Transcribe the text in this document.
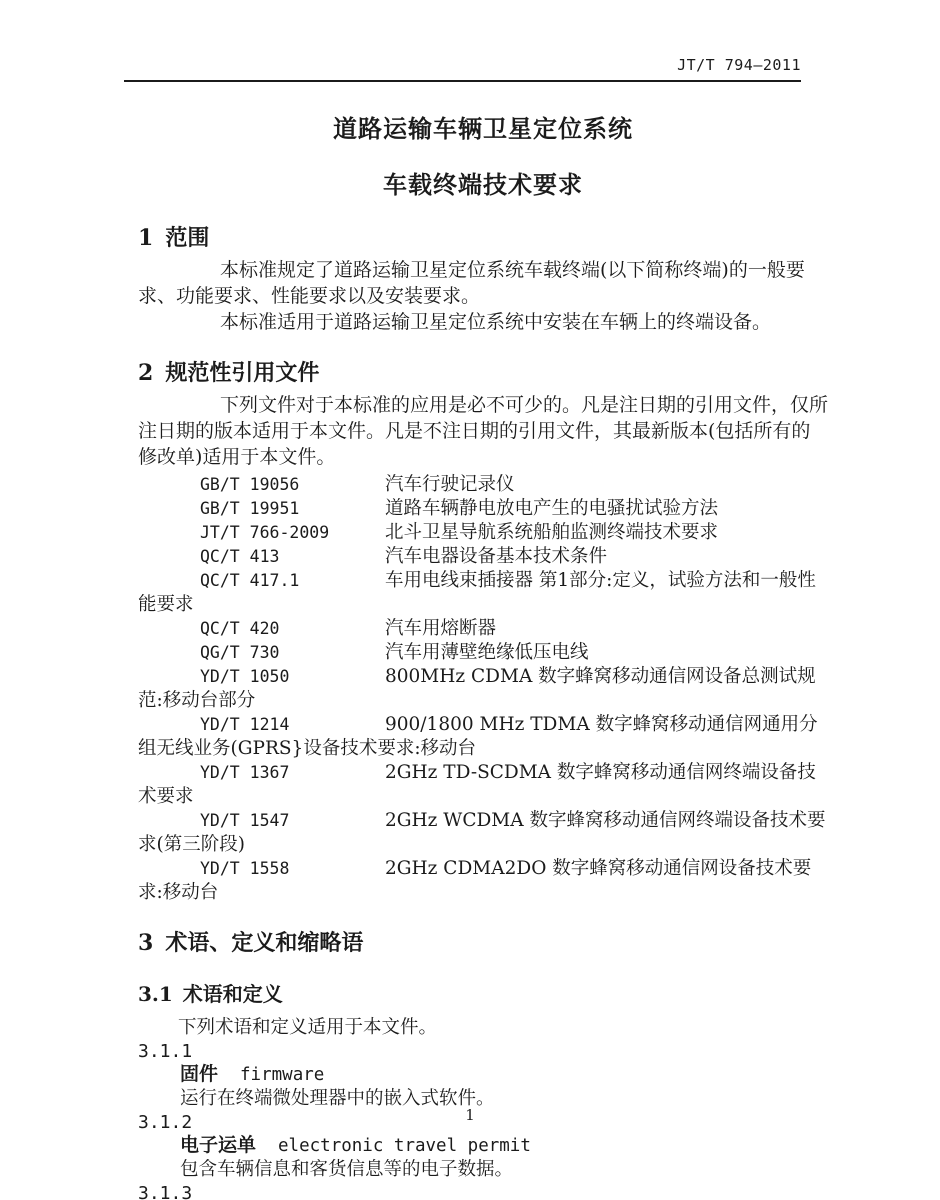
JT/T 794—2011
道路运输车辆卫星定位系统
车载终端技术要求
1 范围

本标准规定了道路运输卫星定位系统车载终端(以下简称终端)的一般要求、功能要求、性能要求以及安装要求。

本标准适用于道路运输卫星定位系统中安装在车辆上的终端设备。

2 规范性引用文件

下列文件对于本标准的应用是必不可少的。凡是注日期的引用文件，仅所注日期的版本适用于本文件。凡是不注日期的引用文件，其最新版本(包括所有的修改单)适用于本文件。

GB/T 19056	汽车行驶记录仪

GB/T 19951	道路车辆静电放电产生的电骚扰试验方法

JT/T 766-2009	北斗卫星导航系统船舶监测终端技术要求

QC/T 413	汽车电器设备基本技术条件

QC/T 417.1	车用电线束插接器 第1部分:定义，试验方法和一般性能要求

QC/T 420	汽车用熔断器

QG/T 730	汽车用薄壁绝缘低压电线

YD/T 1050	800MHz CDMA 数字蜂窝移动通信网设备总测试规范:移动台部分

YD/T 1214	900/1800 MHz TDMA 数字蜂窝移动通信网通用分组无线业务(GPRS}设备技术要求:移动台

YD/T 1367	2GHz TD-SCDMA 数字蜂窝移动通信网终端设备技术要求

YD/T 1547	2GHz WCDMA 数字蜂窝移动通信网终端设备技术要求(第三阶段)

YD/T 1558	2GHz CDMA2DO 数字蜂窝移动通信网设备技术要求:移动台

3 术语、定义和缩略语
3.1 术语和定义

下列术语和定义适用于本文件。

3.1.1

固件 firmware

运行在终端微处理器中的嵌入式软件。

3.1.2

电子运单 electronic travel permit

包含车辆信息和客货信息等的电子数据。

3.1.3

1
